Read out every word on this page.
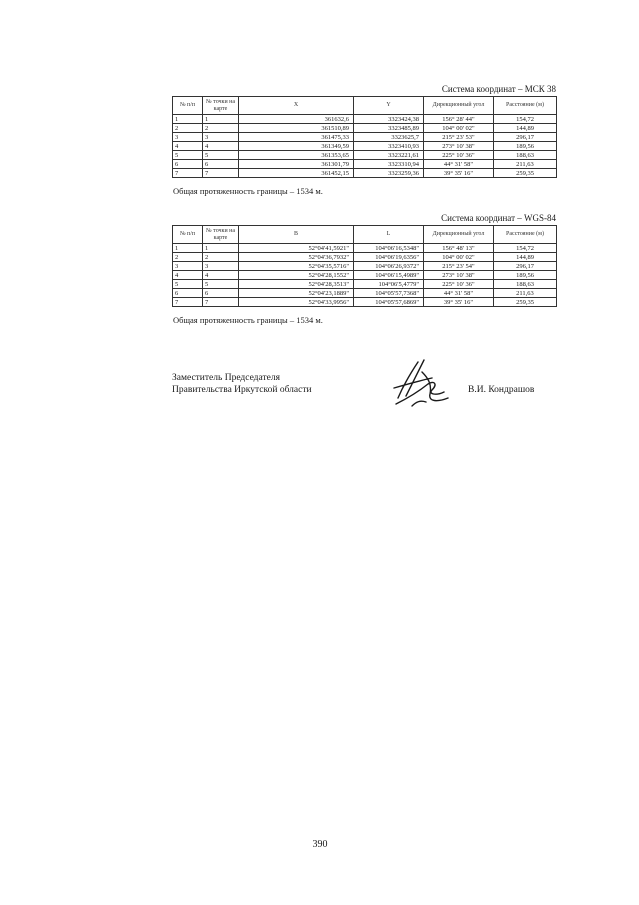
Система координат – МСК 38
№ п/п	№ точки на карте	X	Y	Дирекционный угол	Расстояние (м)
1	1	361632,6	3323424,38	156° 28' 44"	154,72
2	2	361510,89	3323485,89	104° 00' 02"	144,89
3	3	361475,33	3323625,7	215° 23' 53"	296,17
4	4	361349,59	3323410,93	273° 10' 38"	189,56
5	5	361353,65	3323221,61	225° 10' 36"	188,63
6	6	361301,79	3323310,94	44° 31' 58"	211,63
7	7	361452,15	3323259,36	39° 35' 16"	259,35
Общая протяженность границы – 1534 м.
Система координат – WGS-84
№ п/п	№ точки на карте	B	L	Дирекционный угол	Расстояние (м)
1	1	52°04'41,5921"	104°06'16,5348"	156° 48' 13"	154,72
2	2	52°04'36,7932"	104°06'19,6356"	104° 00' 02"	144,89
3	3	52°04'35,5716"	104°06'26,9372"	215° 23' 54"	296,17
4	4	52°04'28,1552"	104°06'15,4989"	273° 10' 38"	189,56
5	5	52°04'28,3513"	104°06'5,4779"	225° 10' 36"	188,63
6	6	52°04'23,1889"	104°05'57,7368"	44° 31' 58"	211,63
7	7	52°04'33,9956"	104°05'57,6869"	39° 35' 16"	259,35
Общая протяженность границы – 1534 м.
Заместитель Председателя
Правительства Иркутской области	В.И. Кондрашов
390
